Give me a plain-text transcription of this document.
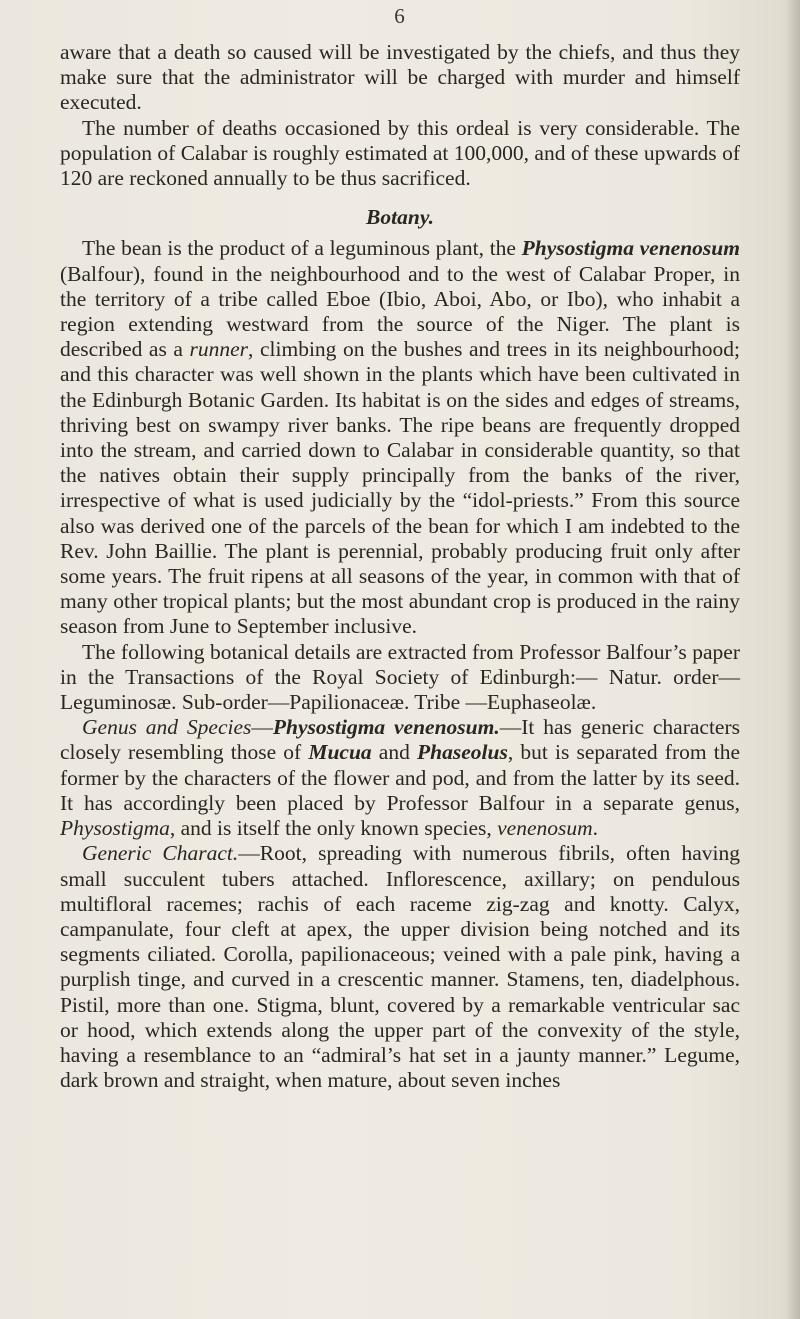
6

aware that a death so caused will be investigated by the chiefs, and thus they make sure that the administrator will be charged with murder and himself executed.

The number of deaths occasioned by this ordeal is very considerable. The population of Calabar is roughly estimated at 100,000, and of these upwards of 120 are reckoned annually to be thus sacrificed.

Botany.

The bean is the product of a leguminous plant, the Physostigma venenosum (Balfour), found in the neighbourhood and to the west of Calabar Proper, in the territory of a tribe called Eboe (Ibio, Aboi, Abo, or Ibo), who inhabit a region extending westward from the source of the Niger. The plant is described as a runner, climbing on the bushes and trees in its neighbourhood; and this character was well shown in the plants which have been cultivated in the Edinburgh Botanic Garden. Its habitat is on the sides and edges of streams, thriving best on swampy river banks. The ripe beans are frequently dropped into the stream, and carried down to Calabar in considerable quantity, so that the natives obtain their supply principally from the banks of the river, irrespective of what is used judicially by the “idol-priests.” From this source also was derived one of the parcels of the bean for which I am indebted to the Rev. John Baillie. The plant is perennial, probably producing fruit only after some years. The fruit ripens at all seasons of the year, in common with that of many other tropical plants; but the most abundant crop is produced in the rainy season from June to September inclusive.

The following botanical details are extracted from Professor Balfour’s paper in the Transactions of the Royal Society of Edinburgh:— Natur. order—Leguminosæ. Sub-order—Papilionaceæ. Tribe —Euphaseolæ.

Genus and Species—Physostigma venenosum.—It has generic characters closely resembling those of Mucua and Phaseolus, but is separated from the former by the characters of the flower and pod, and from the latter by its seed. It has accordingly been placed by Professor Balfour in a separate genus, Physostigma, and is itself the only known species, venenosum.

Generic Charact.—Root, spreading with numerous fibrils, often having small succulent tubers attached. Inflorescence, axillary; on pendulous multifloral racemes; rachis of each raceme zig-zag and knotty. Calyx, campanulate, four cleft at apex, the upper division being notched and its segments ciliated. Corolla, papilionaceous; veined with a pale pink, having a purplish tinge, and curved in a crescentic manner. Stamens, ten, diadelphous. Pistil, more than one. Stigma, blunt, covered by a remarkable ventricular sac or hood, which extends along the upper part of the convexity of the style, having a resemblance to an “admiral’s hat set in a jaunty manner.” Legume, dark brown and straight, when mature, about seven inches
